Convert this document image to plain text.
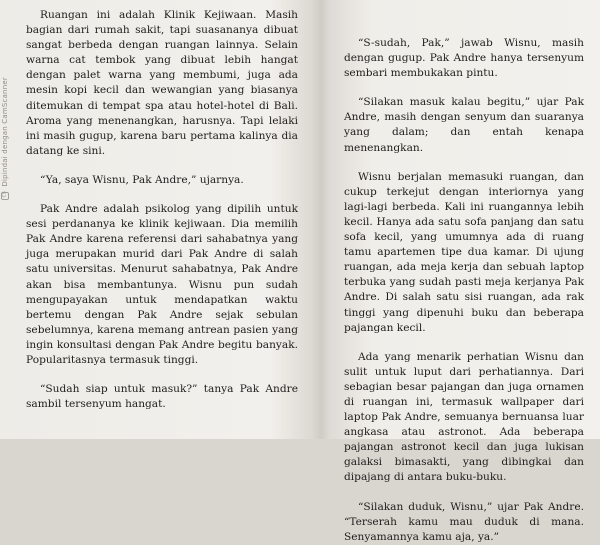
CS
Dipindai dengan CamScanner

Ruangan ini adalah Klinik Kejiwaan. Masih bagian dari rumah sakit, tapi suasananya dibuat sangat berbeda dengan ruangan lainnya. Selain warna cat tembok yang dibuat lebih hangat dengan palet warna yang membumi, juga ada mesin kopi kecil dan wewangian yang biasanya ditemukan di tempat spa atau hotel-hotel di Bali. Aroma yang menenangkan, harusnya. Tapi lelaki ini masih gugup, karena baru pertama kalinya dia datang ke sini.

“Ya, saya Wisnu, Pak Andre,” ujarnya.

Pak Andre adalah psikolog yang dipilih untuk sesi perdananya ke klinik kejiwaan. Dia memilih Pak Andre karena referensi dari sahabatnya yang juga merupakan murid dari Pak Andre di salah satu universitas. Menurut sahabatnya, Pak Andre akan bisa membantunya. Wisnu pun sudah mengupayakan untuk mendapatkan waktu bertemu dengan Pak Andre sejak sebulan sebelumnya, karena memang antrean pasien yang ingin konsultasi dengan Pak Andre begitu banyak. Popularitasnya termasuk tinggi.

“Sudah siap untuk masuk?” tanya Pak Andre sambil tersenyum hangat.

“S-sudah, Pak,” jawab Wisnu, masih dengan gugup. Pak Andre hanya tersenyum sembari membukakan pintu.

“Silakan masuk kalau begitu,” ujar Pak Andre, masih dengan senyum dan suaranya yang dalam; dan entah kenapa menenangkan.

Wisnu berjalan memasuki ruangan, dan cukup terkejut dengan interiornya yang lagi-lagi berbeda. Kali ini ruangannya lebih kecil. Hanya ada satu sofa panjang dan satu sofa kecil, yang umumnya ada di ruang tamu apartemen tipe dua kamar. Di ujung ruangan, ada meja kerja dan sebuah laptop terbuka yang sudah pasti meja kerjanya Pak Andre. Di salah satu sisi ruangan, ada rak tinggi yang dipenuhi buku dan beberapa pajangan kecil.

Ada yang menarik perhatian Wisnu dan sulit untuk luput dari perhatiannya. Dari sebagian besar pajangan dan juga ornamen di ruangan ini, termasuk wallpaper dari laptop Pak Andre, semuanya bernuansa luar angkasa atau astronot. Ada beberapa pajangan astronot kecil dan juga lukisan galaksi bimasakti, yang dibingkai dan dipajang di antara buku-buku.

“Silakan duduk, Wisnu,” ujar Pak Andre. “Terserah kamu mau duduk di mana. Senyamannya kamu aja, ya.”
